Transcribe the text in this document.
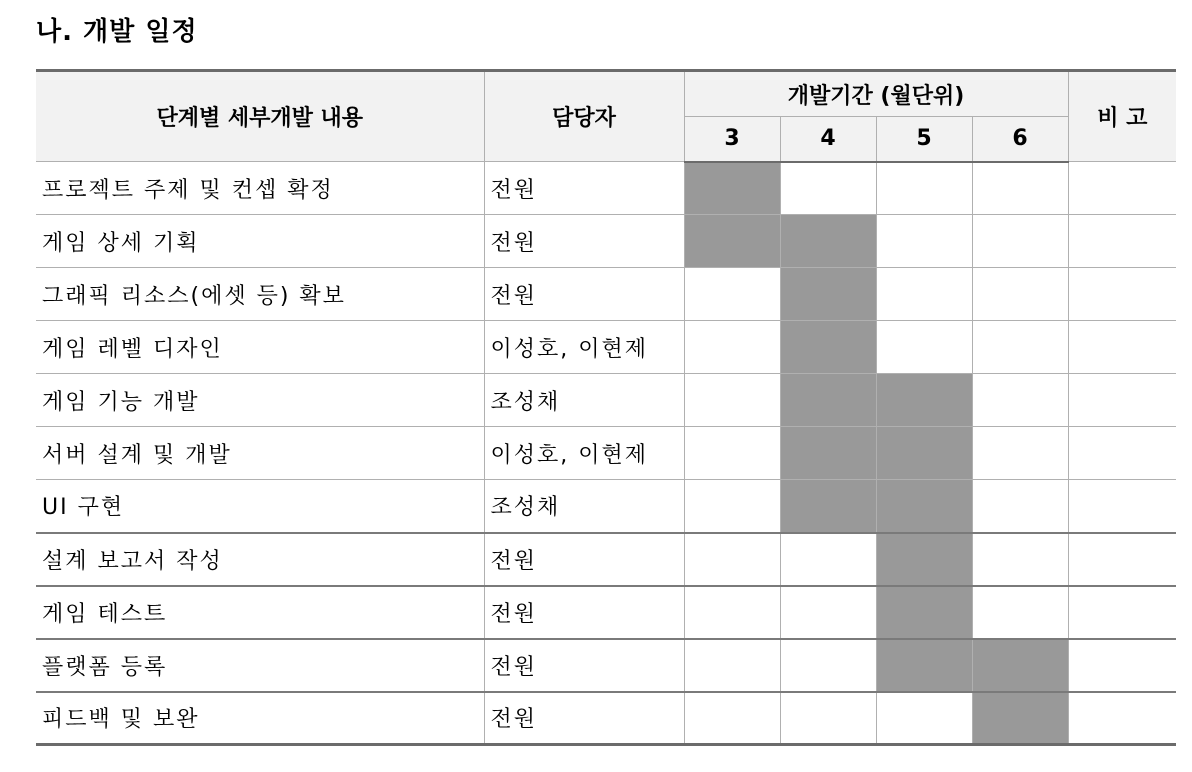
나. 개발 일정
단계별 세부개발 내용	담당자	개발기간 (월단위)				비 고
		3	4	5	6	
프로젝트 주제 및 컨셉 확정	전원					
게임 상세 기획	전원					
그래픽 리소스(에셋 등) 확보	전원					
게임 레벨 디자인	이성호, 이현제					
게임 기능 개발	조성채					
서버 설계 및 개발	이성호, 이현제					
UI 구현	조성채					
설계 보고서 작성	전원					
게임 테스트	전원					
플랫폼 등록	전원					
피드백 및 보완	전원					
